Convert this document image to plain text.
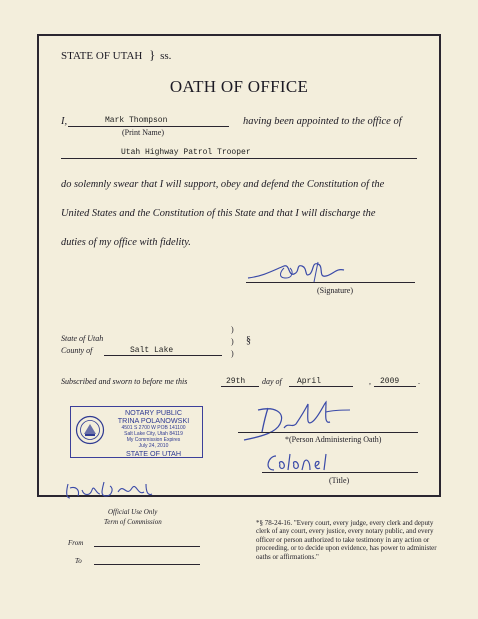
STATE OF UTAH } ss.
OATH OF OFFICE
I,	Mark Thompson
(Print Name)
having been appointed to the office of
Utah Highway Patrol Trooper
do solemnly swear that I will support, obey and defend the Constitution of the
United States and the Constitution of this State and that I will discharge the
duties of my office with fidelity.
(Signature)
State of Utah
County of	Salt Lake
)
)
)
§
Subscribed and sworn to before me this	29th day of April	, 2009 .
NOTARY PUBLIC
TRINA POLANOWSKI
4501 S 2700 W POB 141100
Salt Lake City, Utah 84119
My Commission Expires
July 24, 2010
STATE OF UTAH
*(Person Administering Oath)
(Title)
Official Use Only
Term of Commission
From
To
*§ 78-24-16. "Every court, every judge, every clerk and deputy clerk of any court, every justice, every notary public, and every officer or person authorized to take testimony in any action or proceeding, or to decide upon evidence, has power to administer oaths or affirmations."
